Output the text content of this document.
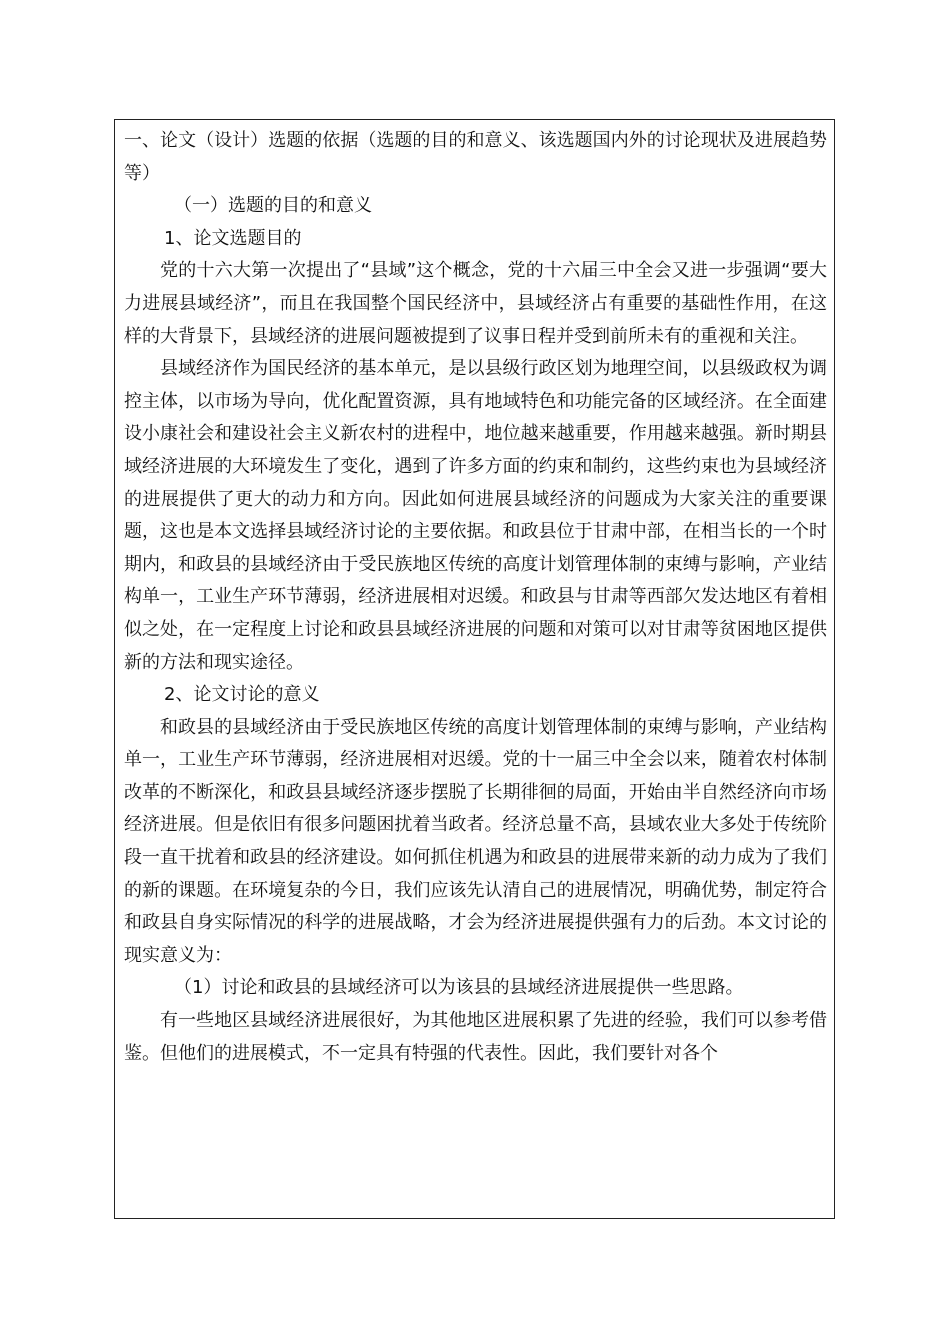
一、论文（设计）选题的依据（选题的目的和意义、该选题国内外的讨论现状及进展趋势等）

（一）选题的目的和意义
1、论文选题目的

党的十六大第一次提出了“县域”这个概念，党的十六届三中全会又进一步强调“要大力进展县域经济”，而且在我国整个国民经济中，县域经济占有重要的基础性作用，在这样的大背景下，县域经济的进展问题被提到了议事日程并受到前所未有的重视和关注。

县域经济作为国民经济的基本单元，是以县级行政区划为地理空间，以县级政权为调控主体，以市场为导向，优化配置资源，具有地域特色和功能完备的区域经济。在全面建设小康社会和建设社会主义新农村的进程中，地位越来越重要，作用越来越强。新时期县域经济进展的大环境发生了变化，遇到了许多方面的约束和制约，这些约束也为县域经济的进展提供了更大的动力和方向。因此如何进展县域经济的问题成为大家关注的重要课题，这也是本文选择县域经济讨论的主要依据。和政县位于甘肃中部，在相当长的一个时期内，和政县的县域经济由于受民族地区传统的高度计划管理体制的束缚与影响，产业结构单一，工业生产环节薄弱，经济进展相对迟缓。和政县与甘肃等西部欠发达地区有着相似之处，在一定程度上讨论和政县县域经济进展的问题和对策可以对甘肃等贫困地区提供新的方法和现实途径。

2、论文讨论的意义

和政县的县域经济由于受民族地区传统的高度计划管理体制的束缚与影响，产业结构单一，工业生产环节薄弱，经济进展相对迟缓。党的十一届三中全会以来，随着农村体制改革的不断深化，和政县县域经济逐步摆脱了长期徘徊的局面，开始由半自然经济向市场经济进展。但是依旧有很多问题困扰着当政者。经济总量不高，县域农业大多处于传统阶段一直干扰着和政县的经济建设。如何抓住机遇为和政县的进展带来新的动力成为了我们的新的课题。在环境复杂的今日，我们应该先认清自己的进展情况，明确优势，制定符合和政县自身实际情况的科学的进展战略，才会为经济进展提供强有力的后劲。本文讨论的现实意义为：

（1）讨论和政县的县域经济可以为该县的县域经济进展提供一些思路。

有一些地区县域经济进展很好，为其他地区进展积累了先进的经验，我们可以参考借鉴。但他们的进展模式，不一定具有特强的代表性。因此，我们要针对各个
